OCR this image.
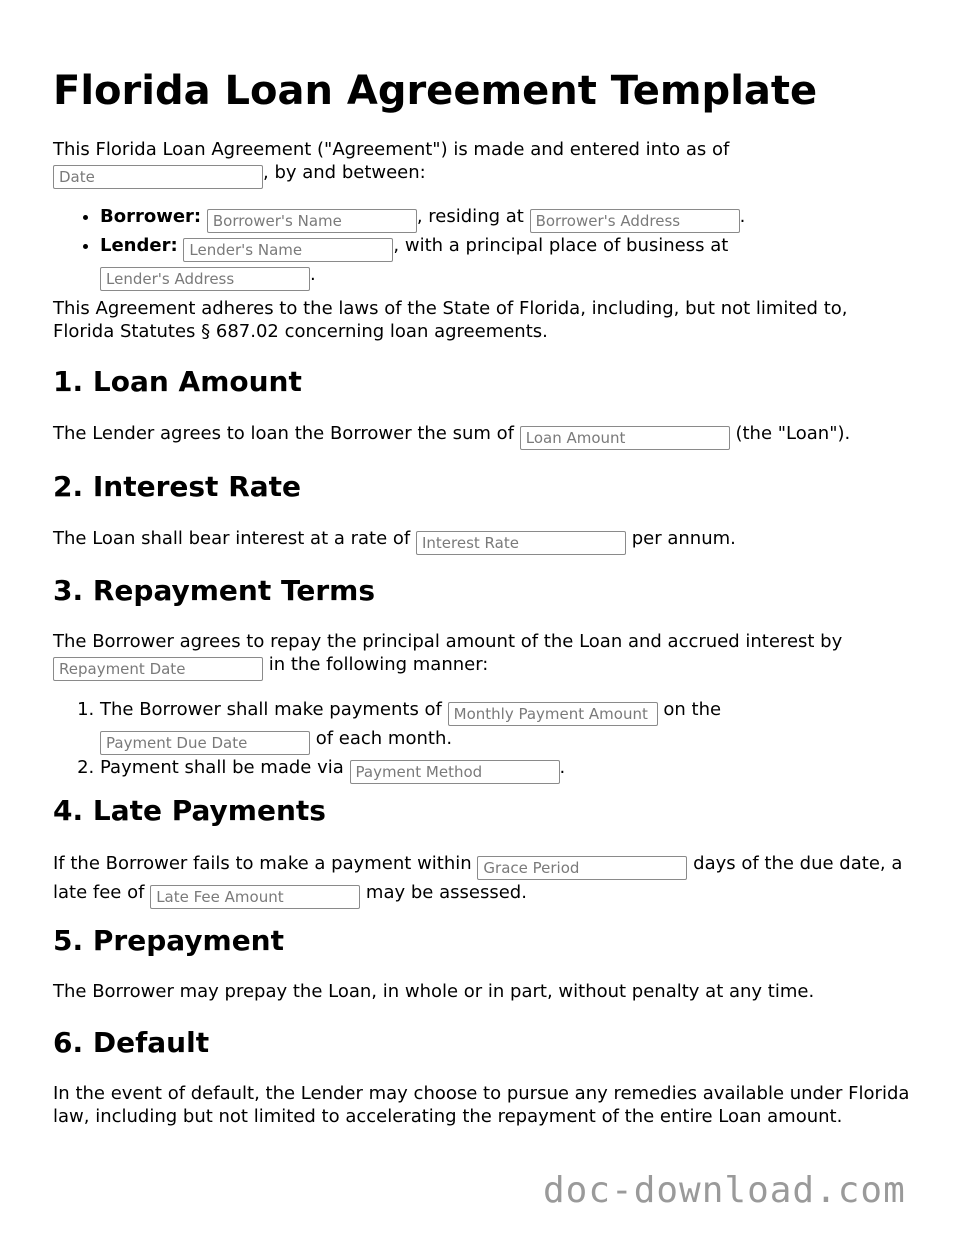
Florida Loan Agreement Template

This Florida Loan Agreement ("Agreement") is made and entered into as of
Date, by and between:

• Borrower: Borrower's Name	, residing at Borrower's Address	.
• Lender: Lender's Name	, with a principal place of business at
Lender's Address.

This Agreement adheres to the laws of the State of Florida, including, but not limited to, Florida Statutes § 687.02 concerning loan agreements.

1. Loan Amount

The Lender agrees to loan the Borrower the sum of Loan Amount	(the "Loan").

2. Interest Rate

The Loan shall bear interest at a rate of Interest Rate	per annum.

3. Repayment Terms

The Borrower agrees to repay the principal amount of the Loan and accrued interest by
Repayment Date in the following manner:

1. The Borrower shall make payments of Monthly Payment Amount	on the
Payment Due Date of each month.
2. Payment shall be made via Payment Method	.
4. Late Payments

If the Borrower fails to make a payment within Grace Period	days of the due date, a late fee of Late Fee Amount	may be assessed.

5. Prepayment

The Borrower may prepay the Loan, in whole or in part, without penalty at any time.

6. Default

In the event of default, the Lender may choose to pursue any remedies available under Florida law, including but not limited to accelerating the repayment of the entire Loan amount.

doc-download.com
